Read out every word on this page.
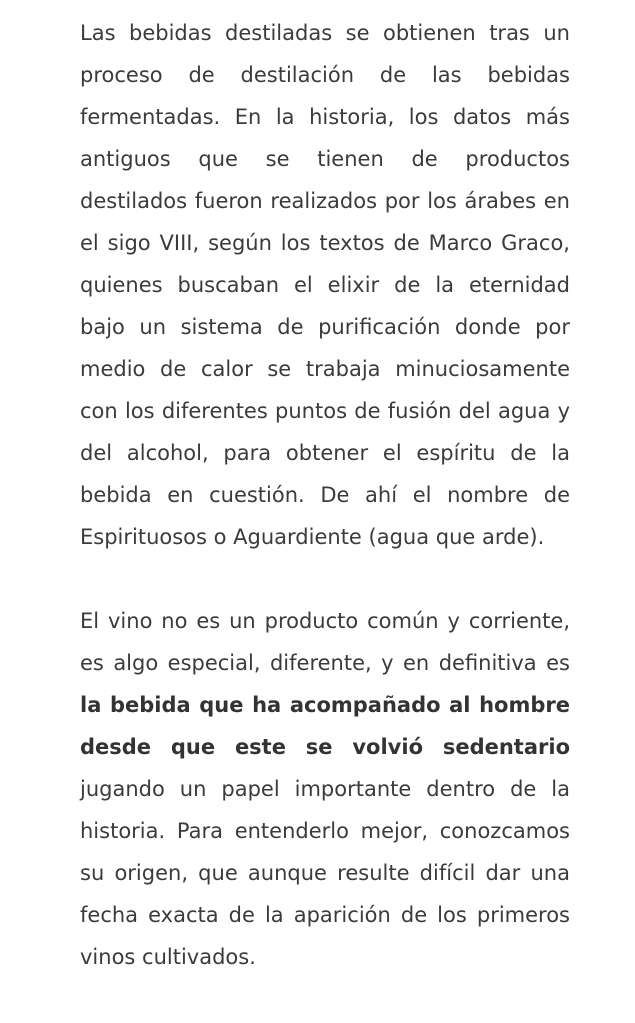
Las bebidas destiladas se obtienen tras un proceso de destilación de las bebidas fermentadas. En la historia, los datos más antiguos que se tienen de productos destilados fueron realizados por los árabes en el sigo VIII, según los textos de Marco Graco, quienes buscaban el elixir de la eternidad bajo un sistema de purificación donde por medio de calor se trabaja minuciosamente con los diferentes puntos de fusión del agua y del alcohol, para obtener el espíritu de la bebida en cuestión. De ahí el nombre de Espirituosos o Aguardiente (agua que arde).

El vino no es un producto común y corriente, es algo especial, diferente, y en definitiva es la bebida que ha acompañado al hombre desde que este se volvió sedentario jugando un papel importante dentro de la historia. Para entenderlo mejor, conozcamos su origen, que aunque resulte difícil dar una fecha exacta de la aparición de los primeros vinos cultivados.
